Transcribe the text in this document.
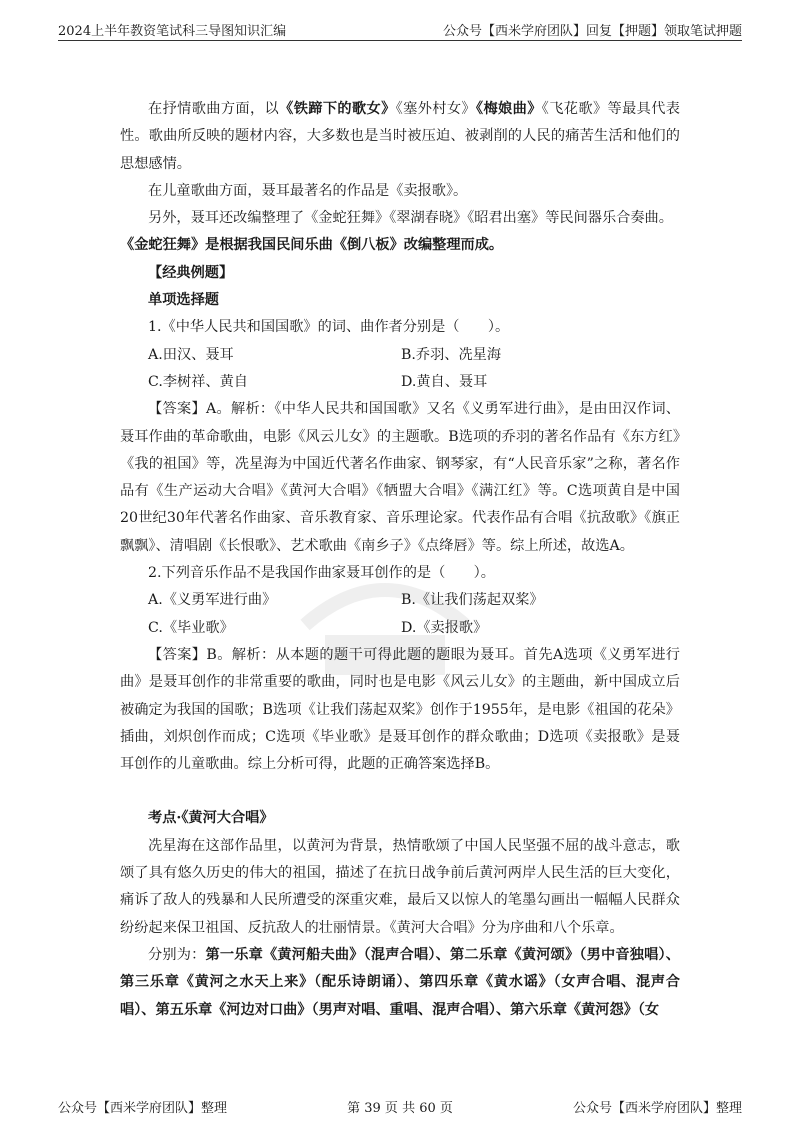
2024上半年教资笔试科三导图知识汇编	公众号【西米学府团队】回复【押题】领取笔试押题

在抒情歌曲方面，以《铁蹄下的歌女》《塞外村女》《梅娘曲》《飞花歌》等最具代表性。歌曲所反映的题材内容，大多数也是当时被压迫、被剥削的人民的痛苦生活和他们的思想感情。

在儿童歌曲方面，聂耳最著名的作品是《卖报歌》。

另外，聂耳还改编整理了《金蛇狂舞》《翠湖春晓》《昭君出塞》等民间器乐合奏曲。

《金蛇狂舞》是根据我国民间乐曲《倒八板》改编整理而成。

【经典例题】

单项选择题

1.《中华人民共和国国歌》的词、曲作者分别是（　　）。

A.田汉、聂耳	B.乔羽、冼星海
C.李树祥、黄自	D.黄自、聂耳

【答案】A。解析：《中华人民共和国国歌》又名《义勇军进行曲》，是由田汉作词、聂耳作曲的革命歌曲，电影《风云儿女》的主题歌。B选项的乔羽的著名作品有《东方红》《我的祖国》等，冼星海为中国近代著名作曲家、钢琴家，有“人民音乐家”之称，著名作品有《生产运动大合唱》《黄河大合唱》《牺盟大合唱》《满江红》等。C选项黄自是中国20世纪30年代著名作曲家、音乐教育家、音乐理论家。代表作品有合唱《抗敌歌》《旗正飘飘》、清唱剧《长恨歌》、艺术歌曲《南乡子》《点绛唇》等。综上所述，故选A。

2.下列音乐作品不是我国作曲家聂耳创作的是（　　）。

A.《义勇军进行曲》	B.《让我们荡起双桨》
C.《毕业歌》	D.《卖报歌》

【答案】B。解析：从本题的题干可得此题的题眼为聂耳。首先A选项《义勇军进行曲》是聂耳创作的非常重要的歌曲，同时也是电影《风云儿女》的主题曲，新中国成立后被确定为我国的国歌；B选项《让我们荡起双桨》创作于1955年，是电影《祖国的花朵》插曲，刘炽创作而成；C选项《毕业歌》是聂耳创作的群众歌曲；D选项《卖报歌》是聂耳创作的儿童歌曲。综上分析可得，此题的正确答案选择B。

考点·《黄河大合唱》

冼星海在这部作品里，以黄河为背景，热情歌颂了中国人民坚强不屈的战斗意志，歌颂了具有悠久历史的伟大的祖国，描述了在抗日战争前后黄河两岸人民生活的巨大变化，痛诉了敌人的残暴和人民所遭受的深重灾难，最后又以惊人的笔墨勾画出一幅幅人民群众纷纷起来保卫祖国、反抗敌人的壮丽情景。《黄河大合唱》分为序曲和八个乐章。

分别为：第一乐章《黄河船夫曲》（混声合唱）、第二乐章《黄河颂》（男中音独唱）、第三乐章《黄河之水天上来》（配乐诗朗诵）、第四乐章《黄水谣》（女声合唱、混声合唱）、第五乐章《河边对口曲》（男声对唱、重唱、混声合唱）、第六乐章《黄河怨》（女

公众号【西米学府团队】整理	第 39 页 共 60 页	公众号【西米学府团队】整理
